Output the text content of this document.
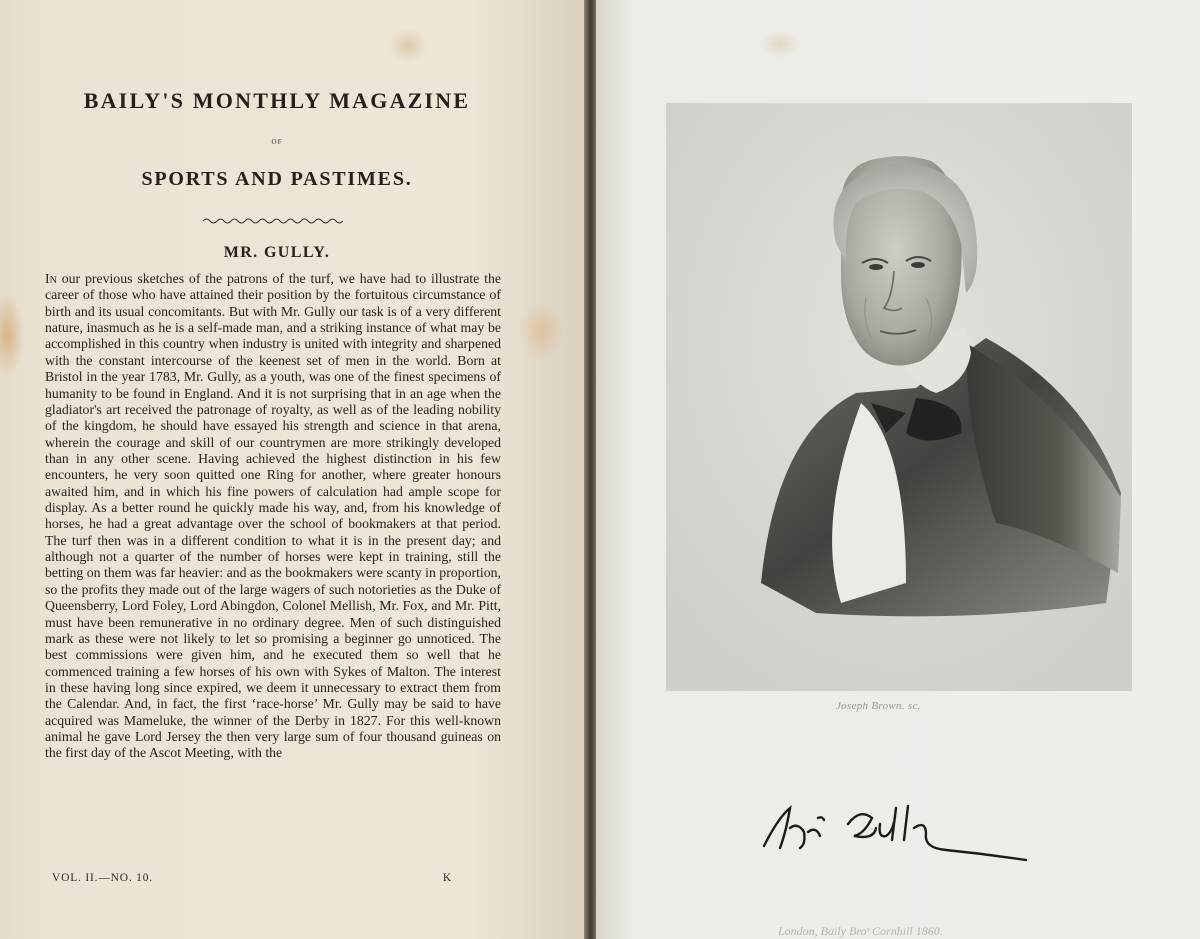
BAILY'S MONTHLY MAGAZINE
OF
SPORTS AND PASTIMES.
MR. GULLY.

In our previous sketches of the patrons of the turf, we have had to illustrate the career of those who have attained their position by the fortuitous circumstance of birth and its usual concomitants. But with Mr. Gully our task is of a very different nature, inasmuch as he is a self-made man, and a striking instance of what may be accomplished in this country when industry is united with integrity and sharpened with the constant intercourse of the keenest set of men in the world. Born at Bristol in the year 1783, Mr. Gully, as a youth, was one of the finest specimens of humanity to be found in England. And it is not surprising that in an age when the gladiator's art received the patronage of royalty, as well as of the leading nobility of the kingdom, he should have essayed his strength and science in that arena, wherein the courage and skill of our countrymen are more strikingly developed than in any other scene. Having achieved the highest distinction in his few encounters, he very soon quitted one Ring for another, where greater honours awaited him, and in which his fine powers of calculation had ample scope for display. As a better round he quickly made his way, and, from his knowledge of horses, he had a great advantage over the school of bookmakers at that period. The turf then was in a different condition to what it is in the present day; and although not a quarter of the number of horses were kept in training, still the betting on them was far heavier: and as the bookmakers were scanty in proportion, so the profits they made out of the large wagers of such notorieties as the Duke of Queensberry, Lord Foley, Lord Abingdon, Colonel Mellish, Mr. Fox, and Mr. Pitt, must have been remunerative in no ordinary degree. Men of such distinguished mark as these were not likely to let so promising a beginner go unnoticed. The best commissions were given him, and he executed them so well that he commenced training a few horses of his own with Sykes of Malton. The interest in these having long since expired, we deem it unnecessary to extract them from the Calendar. And, in fact, the first ‘race-horse’ Mr. Gully may be said to have acquired was Mameluke, the winner of the Derby in 1827. For this well-known animal he gave Lord Jersey the then very large sum of four thousand guineas on the first day of the Ascot Meeting, with the

VOL. II.—NO. 10.	K
Joseph Brown. sc.
London, Baily Broˢ Cornhill 1860.
